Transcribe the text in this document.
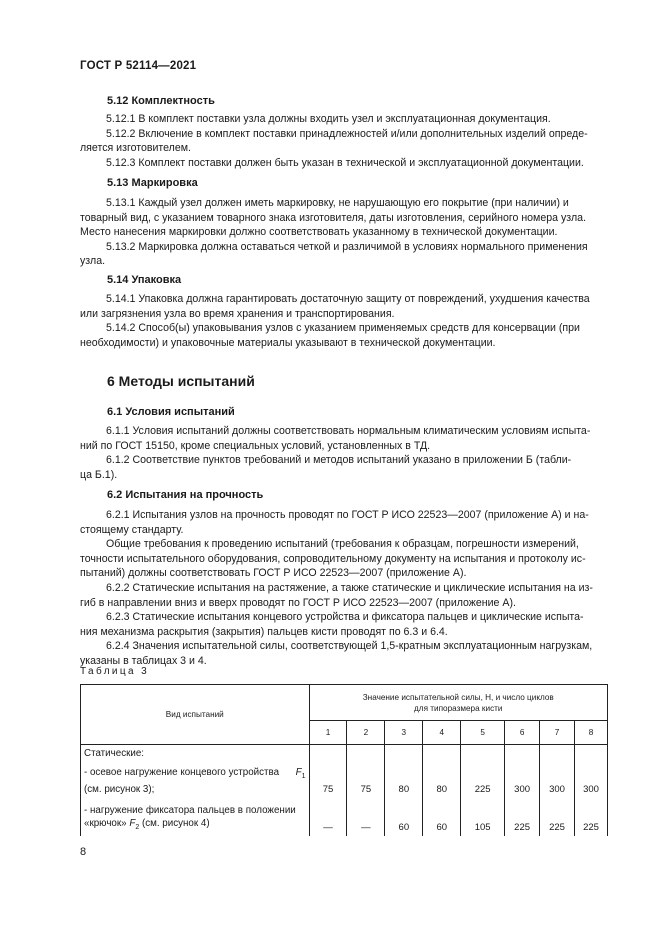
ГОСТ Р 52114—2021
5.12 Комплектность

5.12.1 В комплект поставки узла должны входить узел и эксплуатационная документация.

5.12.2 Включение в комплект поставки принадлежностей и/или дополнительных изделий опреде-

ляется изготовителем.

5.12.3 Комплект поставки должен быть указан в технической и эксплуатационной документации.

5.13 Маркировка

5.13.1 Каждый узел должен иметь маркировку, не нарушающую его покрытие (при наличии) и

товарный вид, с указанием товарного знака изготовителя, даты изготовления, серийного номера узла.

Место нанесения маркировки должно соответствовать указанному в технической документации.

5.13.2 Маркировка должна оставаться четкой и различимой в условиях нормального применения

узла.

5.14 Упаковка

5.14.1 Упаковка должна гарантировать достаточную защиту от повреждений, ухудшения качества

или загрязнения узла во время хранения и транспортирования.

5.14.2 Способ(ы) упаковывания узлов с указанием применяемых средств для консервации (при

необходимости) и упаковочные материалы указывают в технической документации.

6 Методы испытаний
6.1 Условия испытаний

6.1.1 Условия испытаний должны соответствовать нормальным климатическим условиям испыта-

ний по ГОСТ 15150, кроме специальных условий, установленных в ТД.

6.1.2 Соответствие пунктов требований и методов испытаний указано в приложении Б (табли-

ца Б.1).

6.2 Испытания на прочность

6.2.1 Испытания узлов на прочность проводят по ГОСТ Р ИСО 22523—2007 (приложение А) и на-

стоящему стандарту.

Общие требования к проведению испытаний (требования к образцам, погрешности измерений,

точности испытательного оборудования, сопроводительному документу на испытания и протоколу ис-

пытаний) должны соответствовать ГОСТ Р ИСО 22523—2007 (приложение А).

6.2.2 Статические испытания на растяжение, а также статические и циклические испытания на из-

гиб в направлении вниз и вверх проводят по ГОСТ Р ИСО 22523—2007 (приложение А).

6.2.3 Статические испытания концевого устройства и фиксатора пальцев и циклические испыта-

ния механизма раскрытия (закрытия) пальцев кисти проводят по 6.3 и 6.4.

6.2.4 Значения испытательной силы, соответствующей 1,5-кратным эксплуатационным нагрузкам,

указаны в таблицах 3 и 4.

Таблица 3
Вид испытаний	Значение испытательной силы, Н, и число циклов
для типоразмера кисти							
	1	2	3	4	5	6	7	8

Статические:
- осевое нагружение концевого устройства $F_1$
(см. рисунок 3);	75	75	80	80	225	300	300	300

- нагружение фиксатора пальцев в положении
«крючок» $F_2$ (см. рисунок 4)	—	—	60	60	105	225	225	225
8
